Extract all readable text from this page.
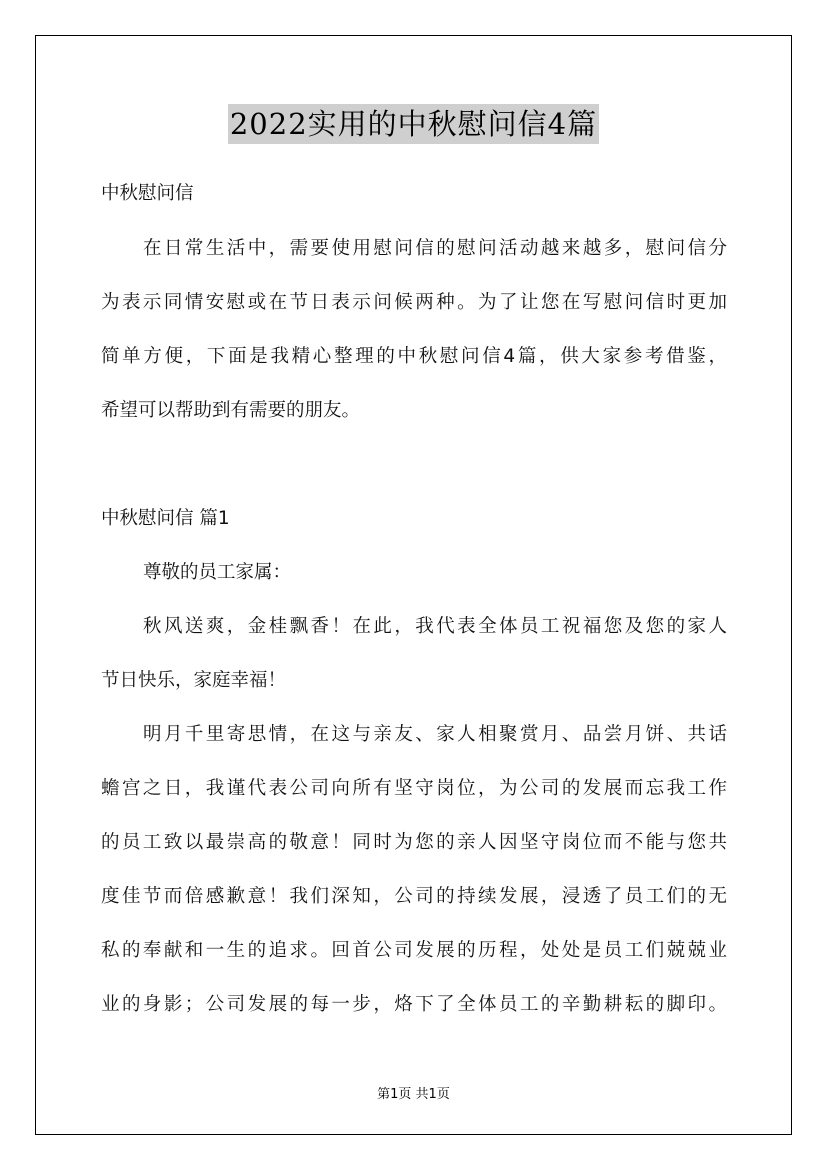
2022实用的中秋慰问信4篇
中秋慰问信
在日常生活中，需要使用慰问信的慰问活动越来越多，慰问信分
为表示同情安慰或在节日表示问候两种。为了让您在写慰问信时更加
简单方便，下面是我精心整理的中秋慰问信4篇，供大家参考借鉴，
希望可以帮助到有需要的朋友。
中秋慰问信 篇1
尊敬的员工家属：
秋风送爽，金桂飘香！在此，我代表全体员工祝福您及您的家人
节日快乐，家庭幸福！
明月千里寄思情，在这与亲友、家人相聚赏月、品尝月饼、共话
蟾宫之日，我谨代表公司向所有坚守岗位，为公司的发展而忘我工作
的员工致以最崇高的敬意！同时为您的亲人因坚守岗位而不能与您共
度佳节而倍感歉意！我们深知，公司的持续发展，浸透了员工们的无
私的奉献和一生的追求。回首公司发展的历程，处处是员工们兢兢业
业的身影；公司发展的每一步，烙下了全体员工的辛勤耕耘的脚印。
第1页 共1页
